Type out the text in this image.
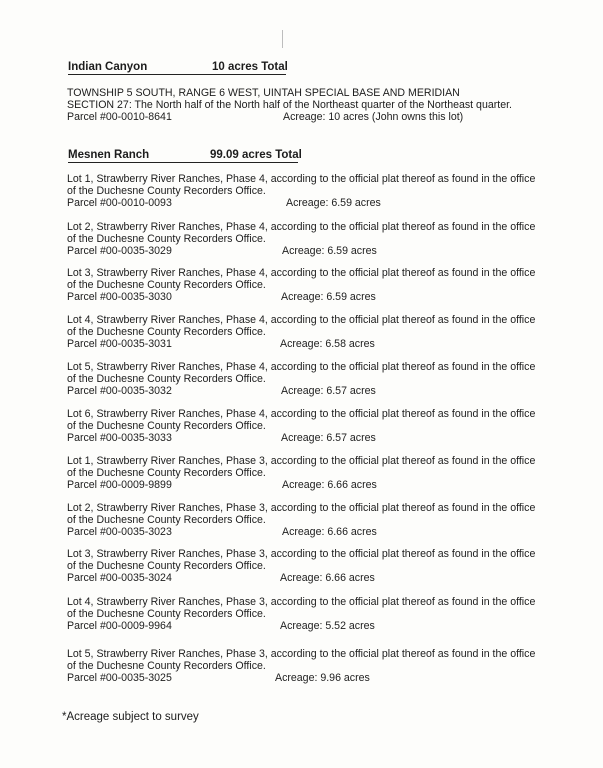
Indian Canyon	10 acres Total
TOWNSHIP 5 SOUTH, RANGE 6 WEST, UINTAH SPECIAL BASE AND MERIDIAN
SECTION 27: The North half of the North half of the Northeast quarter of the Northeast quarter.
Parcel #00-0010-8641	Acreage: 10 acres (John owns this lot)
Mesnen Ranch	99.09 acres Total
Lot 1, Strawberry River Ranches, Phase 4, according to the official plat thereof as found in the office of the Duchesne County Recorders Office.
Parcel #00-0010-0093	Acreage: 6.59 acres
Lot 2, Strawberry River Ranches, Phase 4, according to the official plat thereof as found in the office of the Duchesne County Recorders Office.
Parcel #00-0035-3029	Acreage: 6.59 acres
Lot 3, Strawberry River Ranches, Phase 4, according to the official plat thereof as found in the office of the Duchesne County Recorders Office.
Parcel #00-0035-3030	Acreage: 6.59 acres
Lot 4, Strawberry River Ranches, Phase 4, according to the official plat thereof as found in the office of the Duchesne County Recorders Office.
Parcel #00-0035-3031	Acreage: 6.58 acres
Lot 5, Strawberry River Ranches, Phase 4, according to the official plat thereof as found in the office of the Duchesne County Recorders Office.
Parcel #00-0035-3032	Acreage: 6.57 acres
Lot 6, Strawberry River Ranches, Phase 4, according to the official plat thereof as found in the office of the Duchesne County Recorders Office.
Parcel #00-0035-3033	Acreage: 6.57 acres
Lot 1, Strawberry River Ranches, Phase 3, according to the official plat thereof as found in the office of the Duchesne County Recorders Office.
Parcel #00-0009-9899	Acreage: 6.66 acres
Lot 2, Strawberry River Ranches, Phase 3, according to the official plat thereof as found in the office of the Duchesne County Recorders Office.
Parcel #00-0035-3023	Acreage: 6.66 acres
Lot 3, Strawberry River Ranches, Phase 3, according to the official plat thereof as found in the office of the Duchesne County Recorders Office.
Parcel #00-0035-3024	Acreage: 6.66 acres
Lot 4, Strawberry River Ranches, Phase 3, according to the official plat thereof as found in the office of the Duchesne County Recorders Office.
Parcel #00-0009-9964	Acreage: 5.52 acres
Lot 5, Strawberry River Ranches, Phase 3, according to the official plat thereof as found in the office of the Duchesne County Recorders Office.
Parcel #00-0035-3025	Acreage: 9.96 acres
*Acreage subject to survey
